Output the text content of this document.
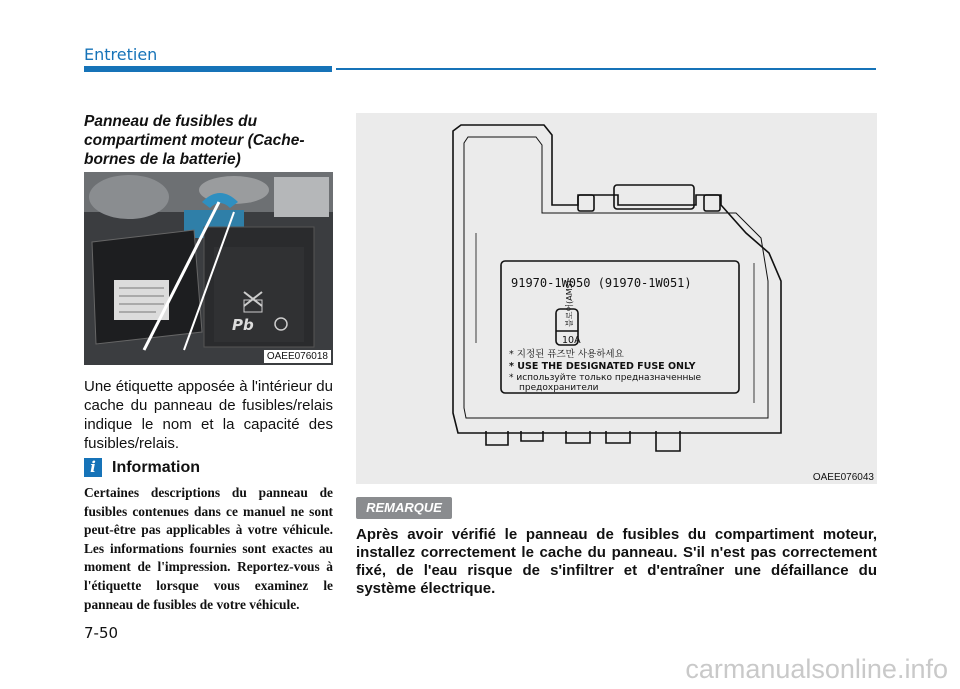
Entretien
Panneau de fusibles du compartiment moteur (Cache-bornes de la batterie)
Pb
OAEE076018
Une étiquette apposée à l'intérieur du cache du panneau de fusibles/relais indique le nom et la capacité des fusibles/relais.
i	Information
Certaines descriptions du panneau de fusibles contenues dans ce manuel ne sont peut-être pas applicables à votre véhicule. Les informations fournies sont exactes au moment de l'impression. Reportez-vous à l'étiquette lorsque vous examinez le panneau de fusibles de votre véhicule.
91970-1W050 (91970-1W051)
10A
블로어(AMS)
* 지정된 퓨즈만 사용하세요
* USE THE DESIGNATED FUSE ONLY
* используйте только предназначенные
предохранители
OAEE076043
REMARQUE
Après avoir vérifié le panneau de fusibles du compartiment moteur, installez correctement le cache du panneau. S'il n'est pas correctement fixé, de l'eau risque de s'infiltrer et d'entraîner une défaillance du système électrique.
7-50
carmanualsonline.info
